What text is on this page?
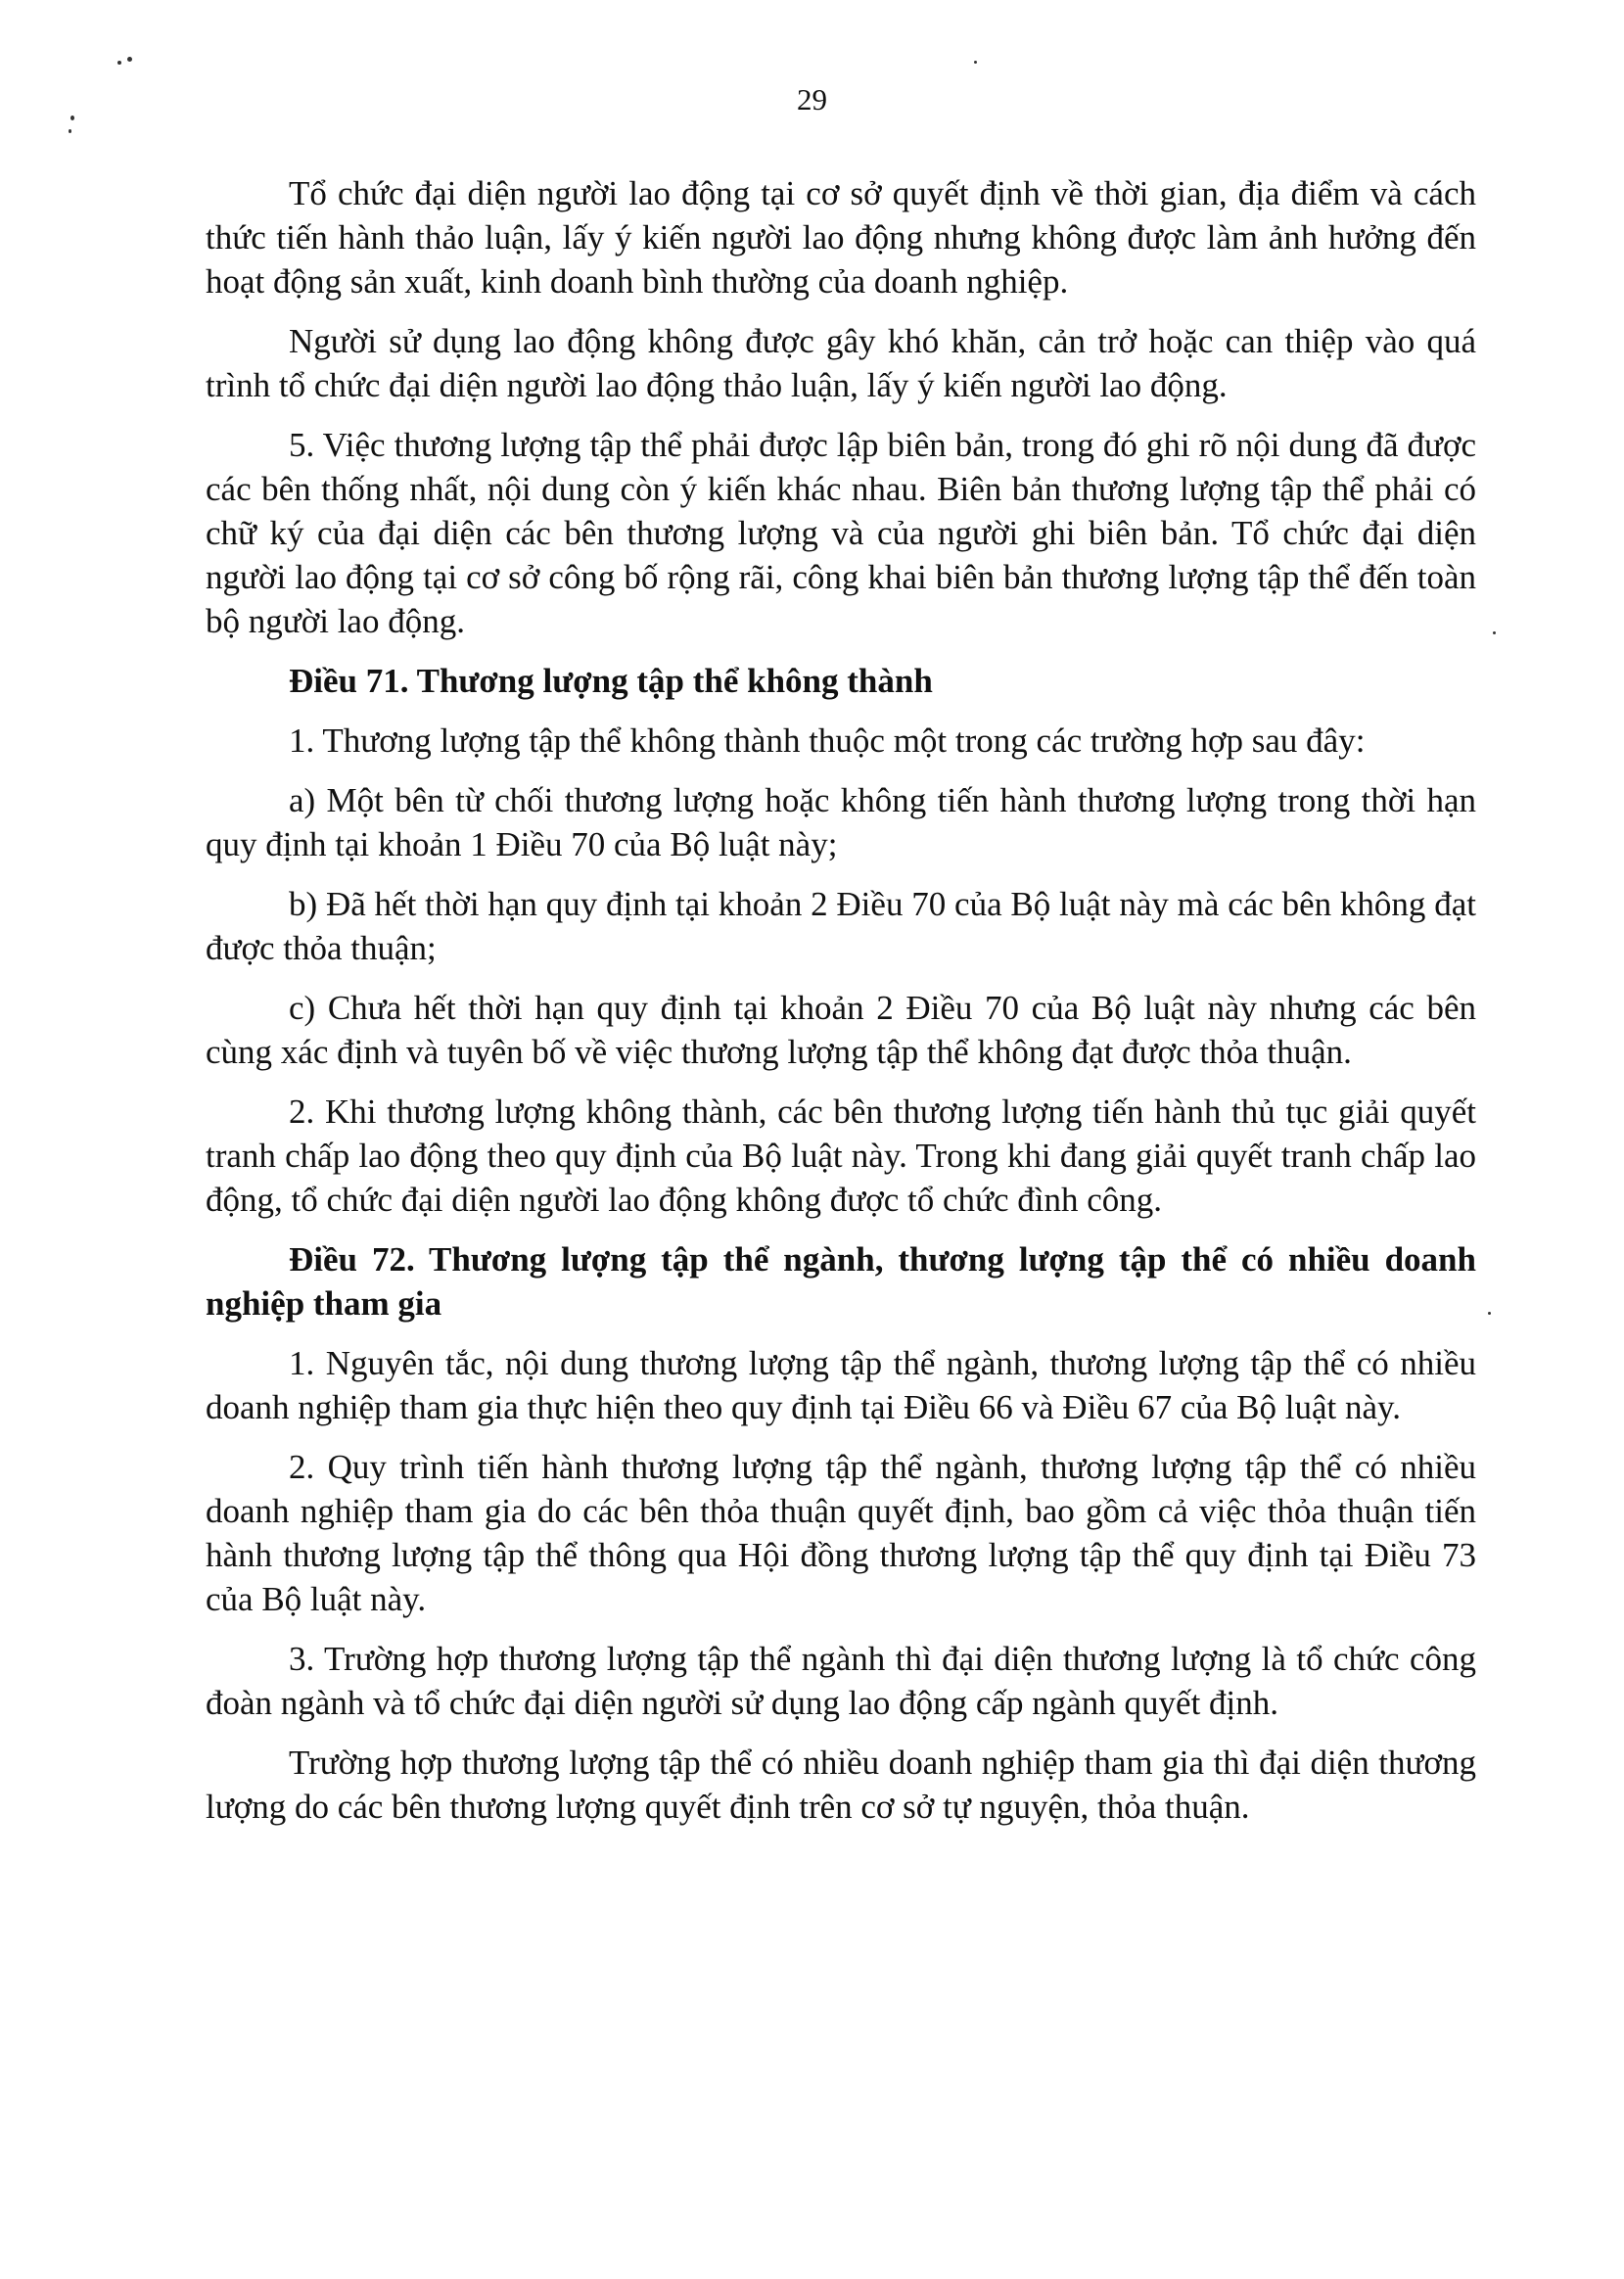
29

Tổ chức đại diện người lao động tại cơ sở quyết định về thời gian, địa điểm và cách thức tiến hành thảo luận, lấy ý kiến người lao động nhưng không được làm ảnh hưởng đến hoạt động sản xuất, kinh doanh bình thường của doanh nghiệp.

Người sử dụng lao động không được gây khó khăn, cản trở hoặc can thiệp vào quá trình tổ chức đại diện người lao động thảo luận, lấy ý kiến người lao động.

5. Việc thương lượng tập thể phải được lập biên bản, trong đó ghi rõ nội dung đã được các bên thống nhất, nội dung còn ý kiến khác nhau. Biên bản thương lượng tập thể phải có chữ ký của đại diện các bên thương lượng và của người ghi biên bản. Tổ chức đại diện người lao động tại cơ sở công bố rộng rãi, công khai biên bản thương lượng tập thể đến toàn bộ người lao động.

Điều 71. Thương lượng tập thể không thành

1. Thương lượng tập thể không thành thuộc một trong các trường hợp sau đây:

a) Một bên từ chối thương lượng hoặc không tiến hành thương lượng trong thời hạn quy định tại khoản 1 Điều 70 của Bộ luật này;

b) Đã hết thời hạn quy định tại khoản 2 Điều 70 của Bộ luật này mà các bên không đạt được thỏa thuận;

c) Chưa hết thời hạn quy định tại khoản 2 Điều 70 của Bộ luật này nhưng các bên cùng xác định và tuyên bố về việc thương lượng tập thể không đạt được thỏa thuận.

2. Khi thương lượng không thành, các bên thương lượng tiến hành thủ tục giải quyết tranh chấp lao động theo quy định của Bộ luật này. Trong khi đang giải quyết tranh chấp lao động, tổ chức đại diện người lao động không được tổ chức đình công.

Điều 72. Thương lượng tập thể ngành, thương lượng tập thể có nhiều doanh nghiệp tham gia

1. Nguyên tắc, nội dung thương lượng tập thể ngành, thương lượng tập thể có nhiều doanh nghiệp tham gia thực hiện theo quy định tại Điều 66 và Điều 67 của Bộ luật này.

2. Quy trình tiến hành thương lượng tập thể ngành, thương lượng tập thể có nhiều doanh nghiệp tham gia do các bên thỏa thuận quyết định, bao gồm cả việc thỏa thuận tiến hành thương lượng tập thể thông qua Hội đồng thương lượng tập thể quy định tại Điều 73 của Bộ luật này.

3. Trường hợp thương lượng tập thể ngành thì đại diện thương lượng là tổ chức công đoàn ngành và tổ chức đại diện người sử dụng lao động cấp ngành quyết định.

Trường hợp thương lượng tập thể có nhiều doanh nghiệp tham gia thì đại diện thương lượng do các bên thương lượng quyết định trên cơ sở tự nguyện, thỏa thuận.
